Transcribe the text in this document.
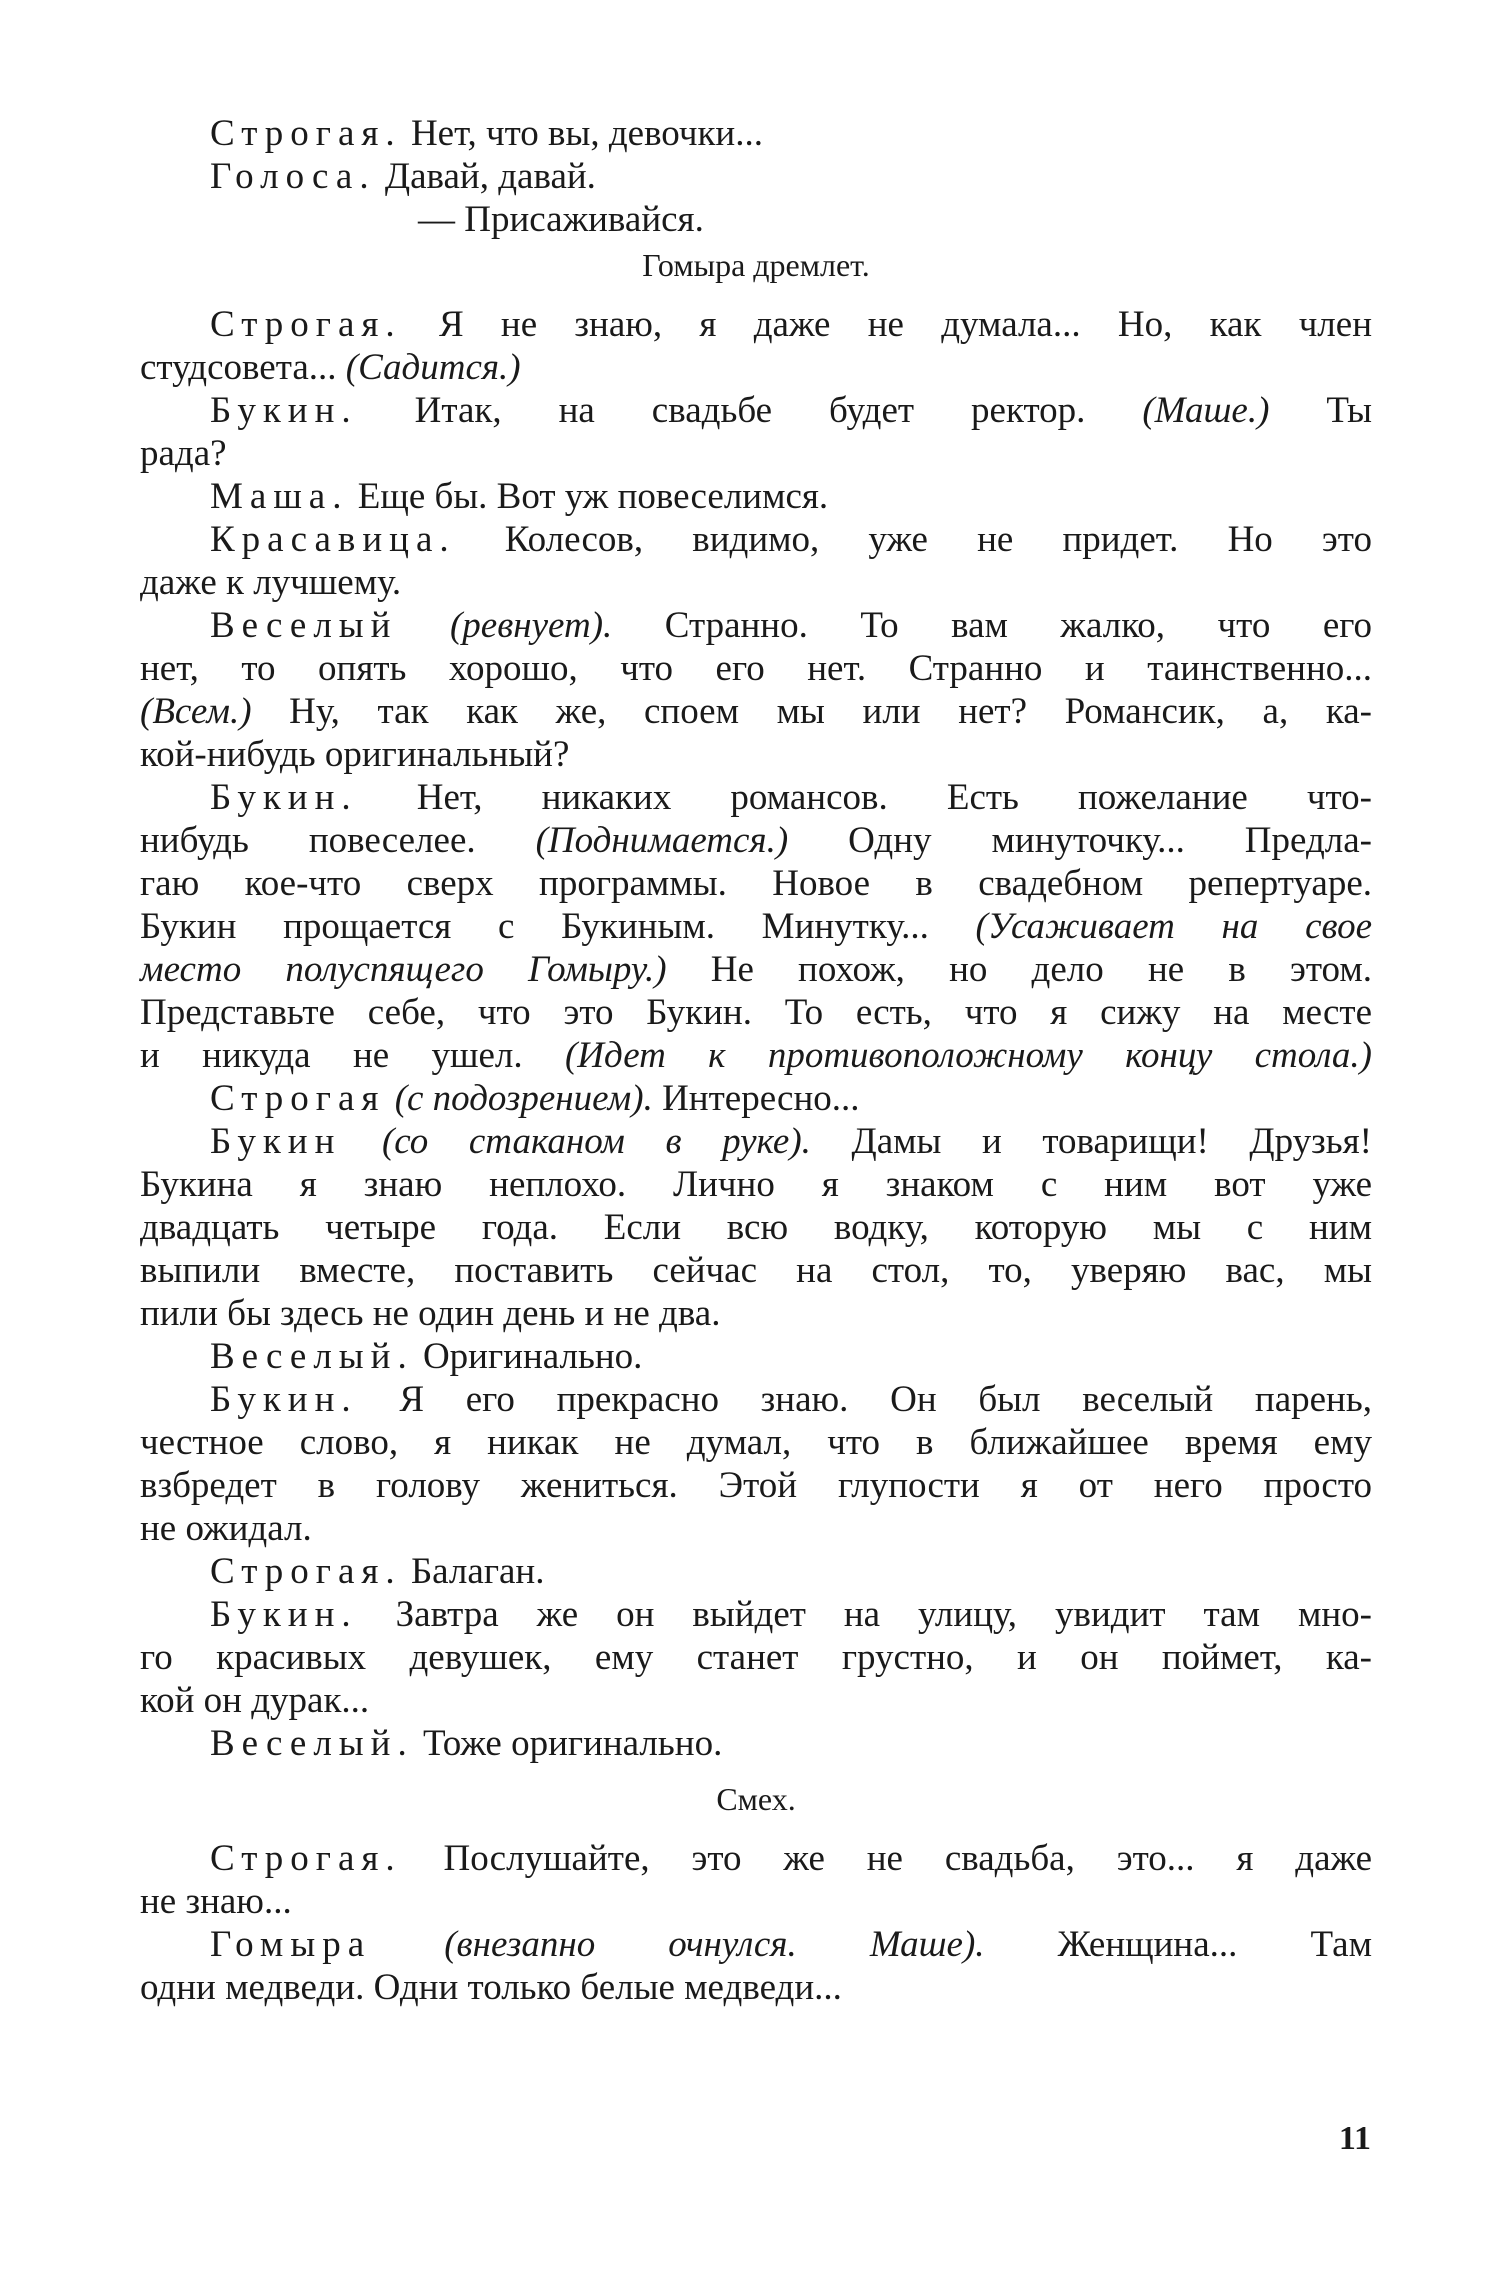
Строгая. Нет, что вы, девочки...
Голоса. Давай, давай.
— Присаживайся.
Гомыра дремлет.
Строгая. Я не знаю, я даже не думала... Но, как член
студсовета... (Садится.)
Букин. Итак, на свадьбе будет ректор. (Маше.) Ты
рада?
Маша. Еще бы. Вот уж повеселимся.
Красавица. Колесов, видимо, уже не придет. Но это
даже к лучшему.
Веселый (ревнует). Странно. То вам жалко, что его
нет, то опять хорошо, что его нет. Странно и таинственно...
(Всем.) Ну, так как же, споем мы или нет? Романсик, а, ка-
кой-нибудь оригинальный?
Букин. Нет, никаких романсов. Есть пожелание что-
нибудь повеселее. (Поднимается.) Одну минуточку... Предла-
гаю кое-что сверх программы. Новое в свадебном репертуаре.
Букин прощается с Букиным. Минутку... (Усаживает на свое
место полуспящего Гомыру.) Не похож, но дело не в этом.
Представьте себе, что это Букин. То есть, что я сижу на месте
и никуда не ушел. (Идет к противоположному концу стола.)
Строгая (с подозрением). Интересно...
Букин (со стаканом в руке). Дамы и товарищи! Друзья!
Букина я знаю неплохо. Лично я знаком с ним вот уже
двадцать четыре года. Если всю водку, которую мы с ним
выпили вместе, поставить сейчас на стол, то, уверяю вас, мы
пили бы здесь не один день и не два.
Веселый. Оригинально.
Букин. Я его прекрасно знаю. Он был веселый парень,
честное слово, я никак не думал, что в ближайшее время ему
взбредет в голову жениться. Этой глупости я от него просто
не ожидал.
Строгая. Балаган.
Букин. Завтра же он выйдет на улицу, увидит там мно-
го красивых девушек, ему станет грустно, и он поймет, ка-
кой он дурак...
Веселый. Тоже оригинально.
Смех.
Строгая. Послушайте, это же не свадьба, это... я даже
не знаю...
Гомыра (внезапно очнулся. Маше). Женщина... Там
одни медведи. Одни только белые медведи...
11
